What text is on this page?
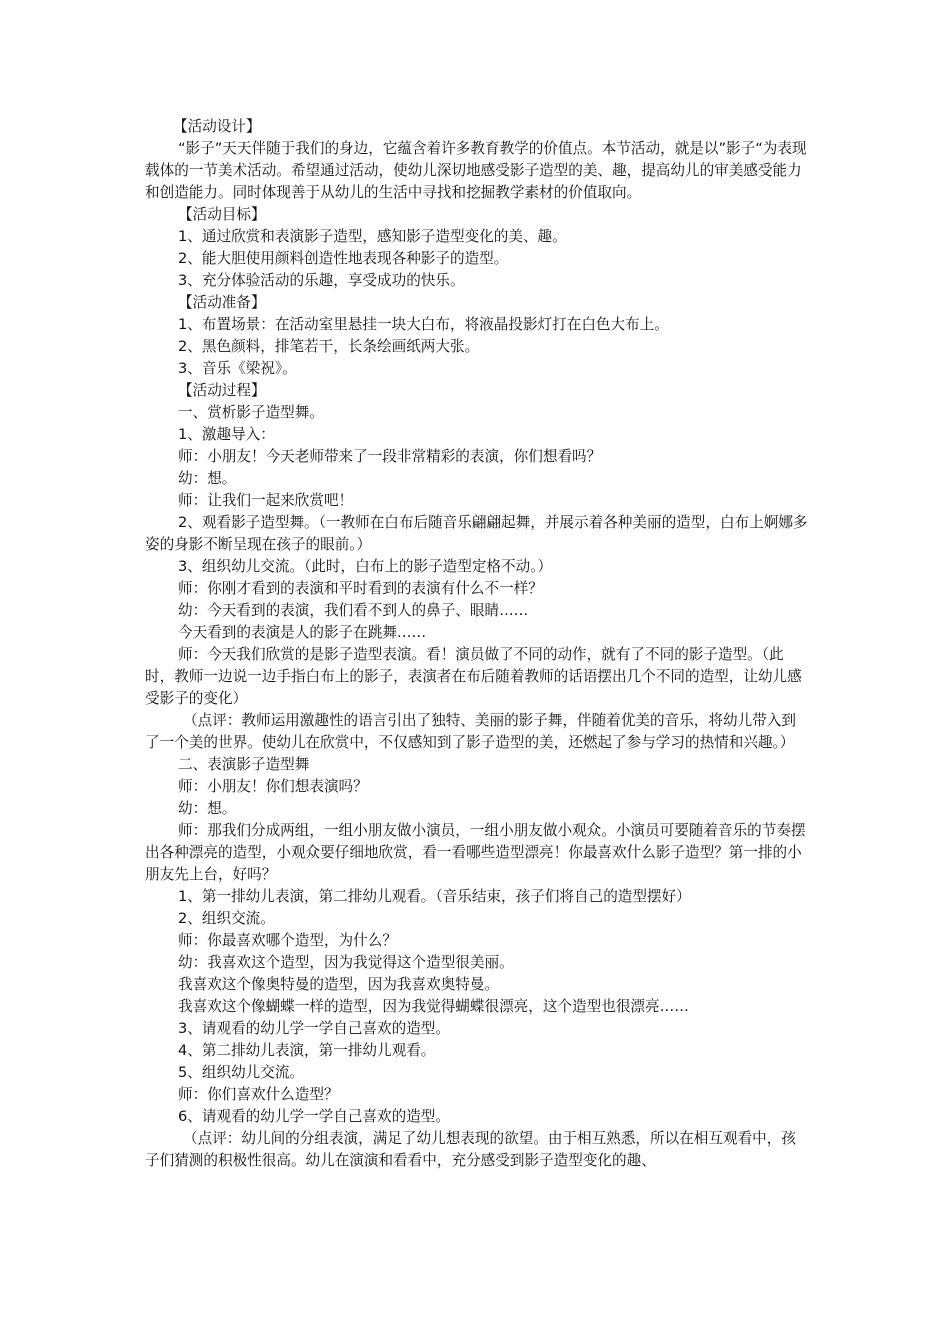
【活动设计】

“影子”天天伴随于我们的身边，它蕴含着许多教育教学的价值点。本节活动，就是以”影子“为表现载体的一节美术活动。希望通过活动，使幼儿深切地感受影子造型的美、趣，提高幼儿的审美感受能力和创造能力。同时体现善于从幼儿的生活中寻找和挖掘教学素材的价值取向。

【活动目标】

1、通过欣赏和表演影子造型，感知影子造型变化的美、趣。

2、能大胆使用颜料创造性地表现各种影子的造型。

3、充分体验活动的乐趣，享受成功的快乐。

【活动准备】

1、布置场景：在活动室里悬挂一块大白布，将液晶投影灯打在白色大布上。

2、黑色颜料，排笔若干，长条绘画纸两大张。

3、音乐《梁祝》。

【活动过程】

一、赏析影子造型舞。

1、激趣导入：

师：小朋友！今天老师带来了一段非常精彩的表演，你们想看吗？

幼：想。

师：让我们一起来欣赏吧！

2、观看影子造型舞。（一教师在白布后随音乐翩翩起舞，并展示着各种美丽的造型，白布上婀娜多姿的身影不断呈现在孩子的眼前。）

3、组织幼儿交流。（此时，白布上的影子造型定格不动。）

师：你刚才看到的表演和平时看到的表演有什么不一样？

幼：今天看到的表演，我们看不到人的鼻子、眼睛……

今天看到的表演是人的影子在跳舞……

师：今天我们欣赏的是影子造型表演。看！演员做了不同的动作，就有了不同的影子造型。（此时，教师一边说一边手指白布上的影子，表演者在布后随着教师的话语摆出几个不同的造型，让幼儿感受影子的变化）

（点评：教师运用激趣性的语言引出了独特、美丽的影子舞，伴随着优美的音乐，将幼儿带入到了一个美的世界。使幼儿在欣赏中，不仅感知到了影子造型的美，还燃起了参与学习的热情和兴趣。）

二、表演影子造型舞

师：小朋友！你们想表演吗？

幼：想。

师：那我们分成两组，一组小朋友做小演员，一组小朋友做小观众。小演员可要随着音乐的节奏摆出各种漂亮的造型，小观众要仔细地欣赏，看一看哪些造型漂亮！你最喜欢什么影子造型？第一排的小朋友先上台，好吗？

1、第一排幼儿表演，第二排幼儿观看。（音乐结束，孩子们将自己的造型摆好）

2、组织交流。

师：你最喜欢哪个造型，为什么？

幼：我喜欢这个造型，因为我觉得这个造型很美丽。

我喜欢这个像奥特曼的造型，因为我喜欢奥特曼。

我喜欢这个像蝴蝶一样的造型，因为我觉得蝴蝶很漂亮，这个造型也很漂亮……

3、请观看的幼儿学一学自己喜欢的造型。

4、第二排幼儿表演，第一排幼儿观看。

5、组织幼儿交流。

师：你们喜欢什么造型？

6、请观看的幼儿学一学自己喜欢的造型。

（点评：幼儿间的分组表演，满足了幼儿想表现的欲望。由于相互熟悉，所以在相互观看中，孩子们猜测的积极性很高。幼儿在演演和看看中，充分感受到影子造型变化的趣、
